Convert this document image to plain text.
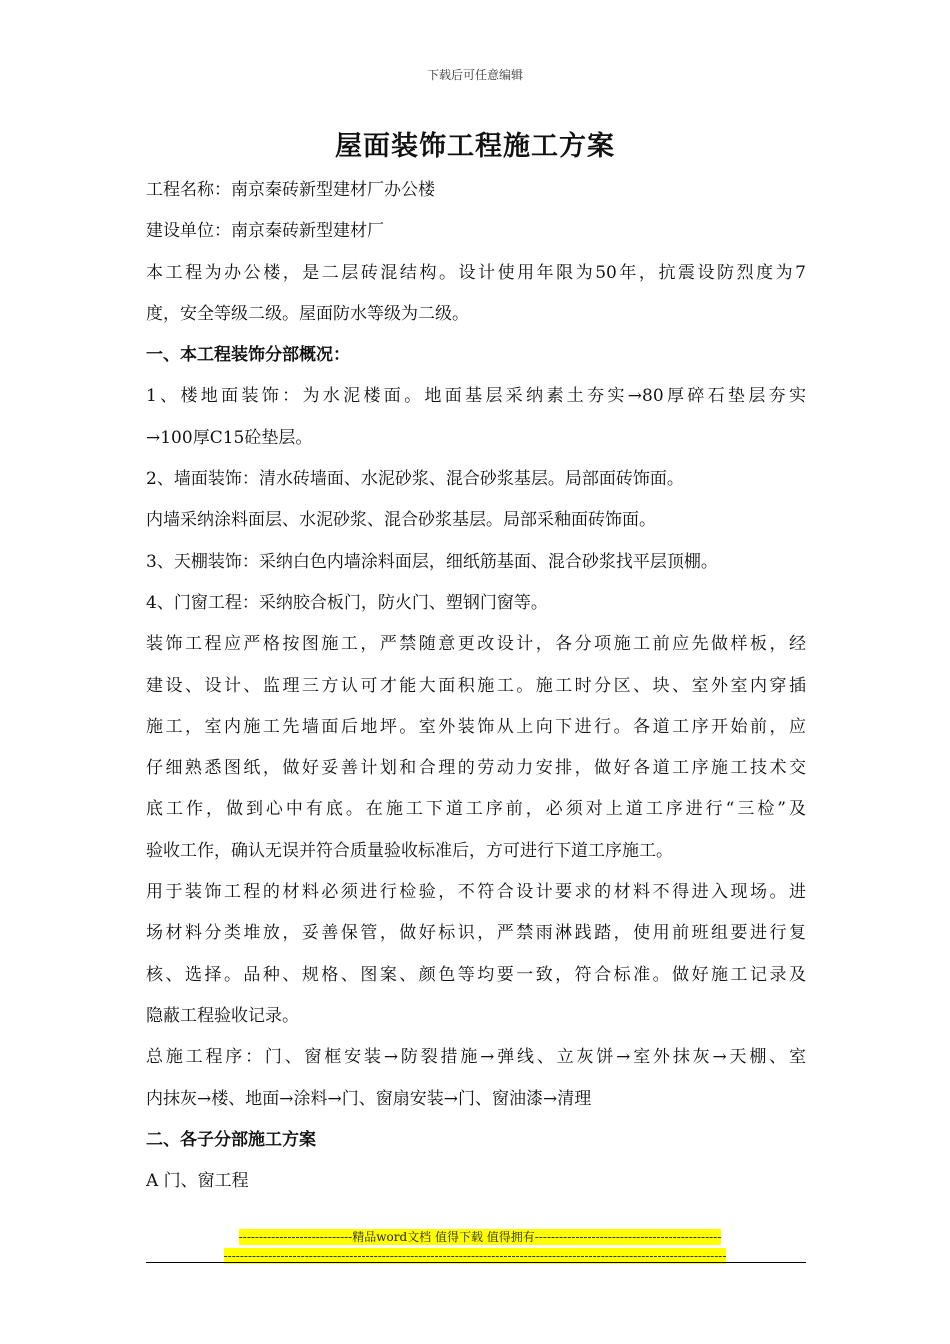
下载后可任意编辑
屋面装饰工程施工方案
工程名称：南京秦砖新型建材厂办公楼
建设单位：南京秦砖新型建材厂
本工程为办公楼，是二层砖混结构。设计使用年限为50年，抗震设防烈度为7
度，安全等级二级。屋面防水等级为二级。
一、本工程装饰分部概况：
1、楼地面装饰：为水泥楼面。地面基层采纳素土夯实→80厚碎石垫层夯实
→100厚C15砼垫层。
2、墙面装饰：清水砖墙面、水泥砂浆、混合砂浆基层。局部面砖饰面。
内墙采纳涂料面层、水泥砂浆、混合砂浆基层。局部采釉面砖饰面。
3、天棚装饰：采纳白色内墙涂料面层，细纸筋基面、混合砂浆找平层顶棚。
4、门窗工程：采纳胶合板门，防火门、塑钢门窗等。
装饰工程应严格按图施工，严禁随意更改设计，各分项施工前应先做样板，经
建设、设计、监理三方认可才能大面积施工。施工时分区、块、室外室内穿插
施工，室内施工先墙面后地坪。室外装饰从上向下进行。各道工序开始前，应
仔细熟悉图纸，做好妥善计划和合理的劳动力安排，做好各道工序施工技术交
底工作，做到心中有底。在施工下道工序前，必须对上道工序进行“三检”及
验收工作，确认无误并符合质量验收标准后，方可进行下道工序施工。
用于装饰工程的材料必须进行检验，不符合设计要求的材料不得进入现场。进
场材料分类堆放，妥善保管，做好标识，严禁雨淋践踏，使用前班组要进行复
核、选择。品种、规格、图案、颜色等均要一致，符合标准。做好施工记录及
隐蔽工程验收记录。
总施工程序：门、窗框安装→防裂措施→弹线、立灰饼→室外抹灰→天棚、室
内抹灰→楼、地面→涂料→门、窗扇安装→门、窗油漆→清理
二、各子分部施工方案
A 门、窗工程
----------------------------精品word文档 值得下载 值得拥有----------------------------------------------
----------------------------------------------------------------------------------------------------------------------------
